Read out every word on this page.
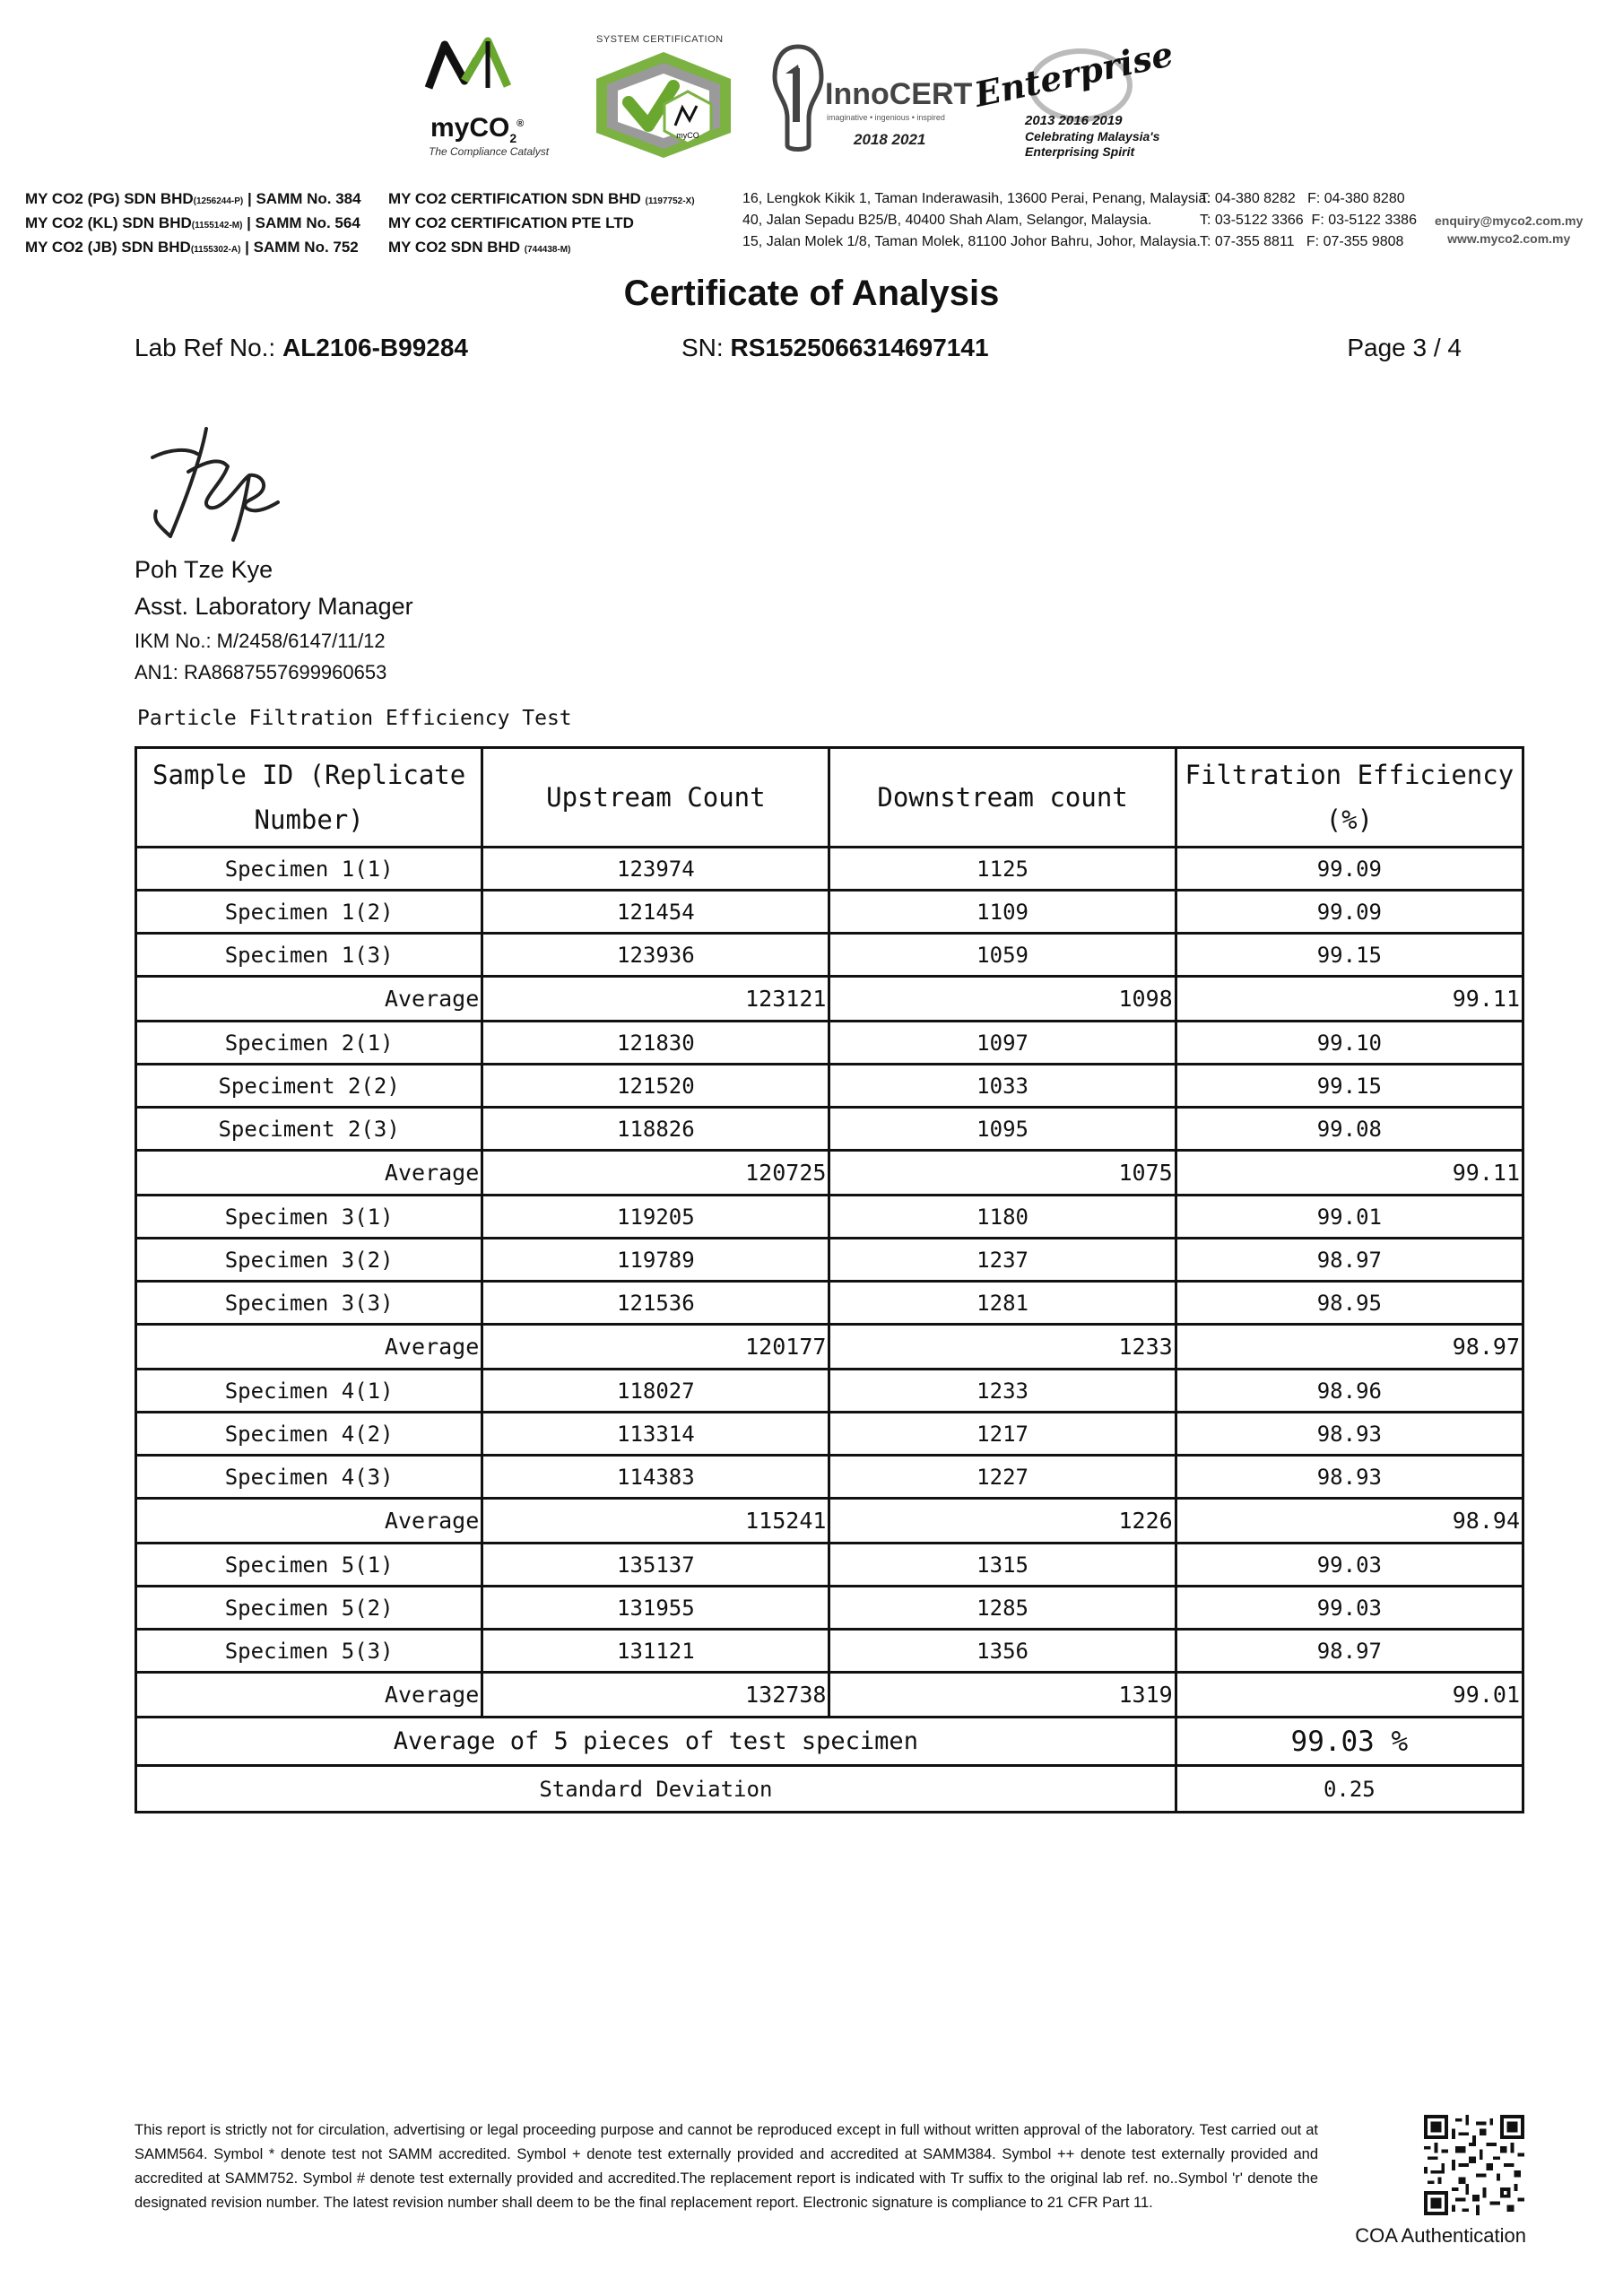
myCO$_2$®
The Compliance Catalyst
SYSTEM CERTIFICATION
myCO
InnoCERT
imaginative • ingenious • inspired
2018 2021
Enterprise
2013 2016 2019
Celebrating Malaysia's Enterprising Spirit
MY CO2 (PG) SDN BHD(1256244-P) | SAMM No. 384
MY CO2 (KL) SDN BHD(1155142-M) | SAMM No. 564
MY CO2 (JB) SDN BHD(1155302-A) | SAMM No. 752
MY CO2 CERTIFICATION SDN BHD (1197752-X)
MY CO2 CERTIFICATION PTE LTD
MY CO2 SDN BHD (744438-M)
16, Lengkok Kikik 1, Taman Inderawasih, 13600 Perai, Penang, Malaysia.
40, Jalan Sepadu B25/B, 40400 Shah Alam, Selangor, Malaysia.
15, Jalan Molek 1/8, Taman Molek, 81100 Johor Bahru, Johor, Malaysia.
T: 04-380 8282   F: 04-380 8280
T: 03-5122 3366  F: 03-5122 3386
T: 07-355 8811   F: 07-355 9808
enquiry@myco2.com.my
www.myco2.com.my
Certificate of Analysis
Lab Ref No.: AL2106-B99284	SN: RS1525066314697141	Page 3 / 4
Poh Tze Kye
Asst. Laboratory Manager
IKM No.: M/2458/6147/11/12
AN1: RA8687557699960653
Particle Filtration Efficiency Test
Sample ID (Replicate Number)	Upstream Count	Downstream count	Filtration Efficiency (%)
Specimen 1(1)	123974	1125	99.09
Specimen 1(2)	121454	1109	99.09
Specimen 1(3)	123936	1059	99.15
Average	123121	1098	99.11
Specimen 2(1)	121830	1097	99.10
Speciment 2(2)	121520	1033	99.15
Speciment 2(3)	118826	1095	99.08
Average	120725	1075	99.11
Specimen 3(1)	119205	1180	99.01
Specimen 3(2)	119789	1237	98.97
Specimen 3(3)	121536	1281	98.95
Average	120177	1233	98.97
Specimen 4(1)	118027	1233	98.96
Specimen 4(2)	113314	1217	98.93
Specimen 4(3)	114383	1227	98.93
Average	115241	1226	98.94
Specimen 5(1)	135137	1315	99.03
Specimen 5(2)	131955	1285	99.03
Specimen 5(3)	131121	1356	98.97
Average	132738	1319	99.01
Average of 5 pieces of test specimen			99.03 %
Standard Deviation			0.25
This report is strictly not for circulation, advertising or legal proceeding purpose and cannot be reproduced except in full without written approval of the laboratory. Test carried out at SAMM564. Symbol * denote test not SAMM accredited. Symbol + denote test externally provided and accredited at SAMM384. Symbol ++ denote test externally provided and accredited at SAMM752. Symbol # denote test externally provided and accredited.The replacement report is indicated with Tr suffix to the original lab ref. no..Symbol 'r' denote the designated revision number. The latest revision number shall deem to be the final replacement report. Electronic signature is compliance to 21 CFR Part 11.
COA Authentication
